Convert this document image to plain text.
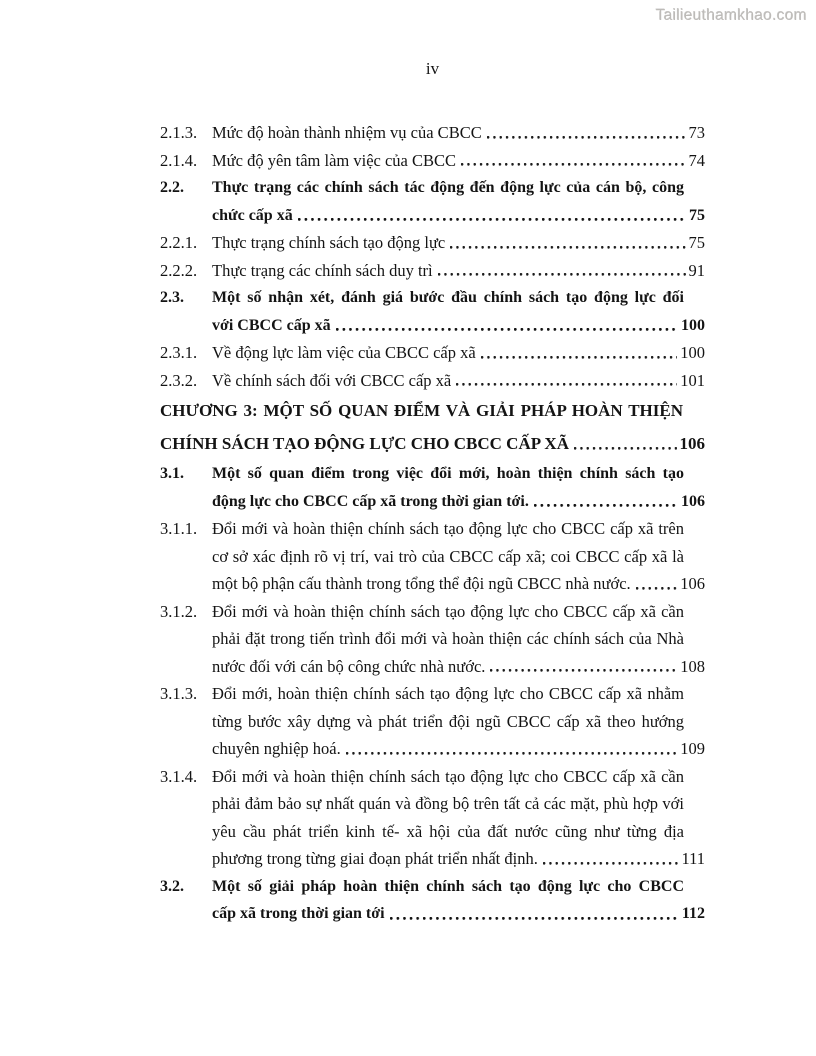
Tailieuthamkhao.com
iv
2.1.3. Mức độ hoàn thành nhiệm vụ của CBCC	73
2.1.4. Mức độ yên tâm làm việc của CBCC	74
2.2.	Thực trạng các chính sách tác động đến động lực của cán bộ, công
chức cấp xã	75
2.2.1. Thực trạng chính sách tạo động lực	75
2.2.2. Thực trạng các chính sách duy trì	91
2.3.	Một số nhận xét, đánh giá bước đầu chính sách tạo động lực đối
với CBCC cấp xã	100
2.3.1. Về động lực làm việc của CBCC cấp xã	100
2.3.2. Về chính sách đối với CBCC cấp xã	101
CHƯƠNG 3: MỘT SỐ QUAN ĐIỂM VÀ GIẢI PHÁP HOÀN THIỆN
CHÍNH SÁCH TẠO ĐỘNG LỰC CHO CBCC CẤP XÃ	106
3.1.	Một số quan điểm trong việc đổi mới, hoàn thiện chính sách tạo
động lực cho CBCC cấp xã trong thời gian tới.	106
3.1.1. Đổi mới và hoàn thiện chính sách tạo động lực cho CBCC cấp xã trên
cơ sở xác định rõ vị trí, vai trò của CBCC cấp xã; coi CBCC cấp xã là
một bộ phận cấu thành trong tổng thể đội ngũ CBCC nhà nước.	106
3.1.2. Đổi mới và hoàn thiện chính sách tạo động lực cho CBCC cấp xã cần
phải đặt trong tiến trình đổi mới và hoàn thiện các chính sách của Nhà
nước đối với cán bộ công chức nhà nước.	108
3.1.3. Đổi mới, hoàn thiện chính sách tạo động lực cho CBCC cấp xã nhằm
từng bước xây dựng và phát triển đội ngũ CBCC cấp xã theo hướng
chuyên nghiệp hoá.	109
3.1.4. Đổi mới và hoàn thiện chính sách tạo động lực cho CBCC cấp xã cần
phải đảm bảo sự nhất quán và đồng bộ trên tất cả các mặt, phù hợp với
yêu cầu phát triển kinh tế- xã hội của đất nước cũng như từng địa
phương trong từng giai đoạn phát triển nhất định.	111
3.2.	Một số giải pháp hoàn thiện chính sách tạo động lực cho CBCC
cấp xã trong thời gian tới	112
